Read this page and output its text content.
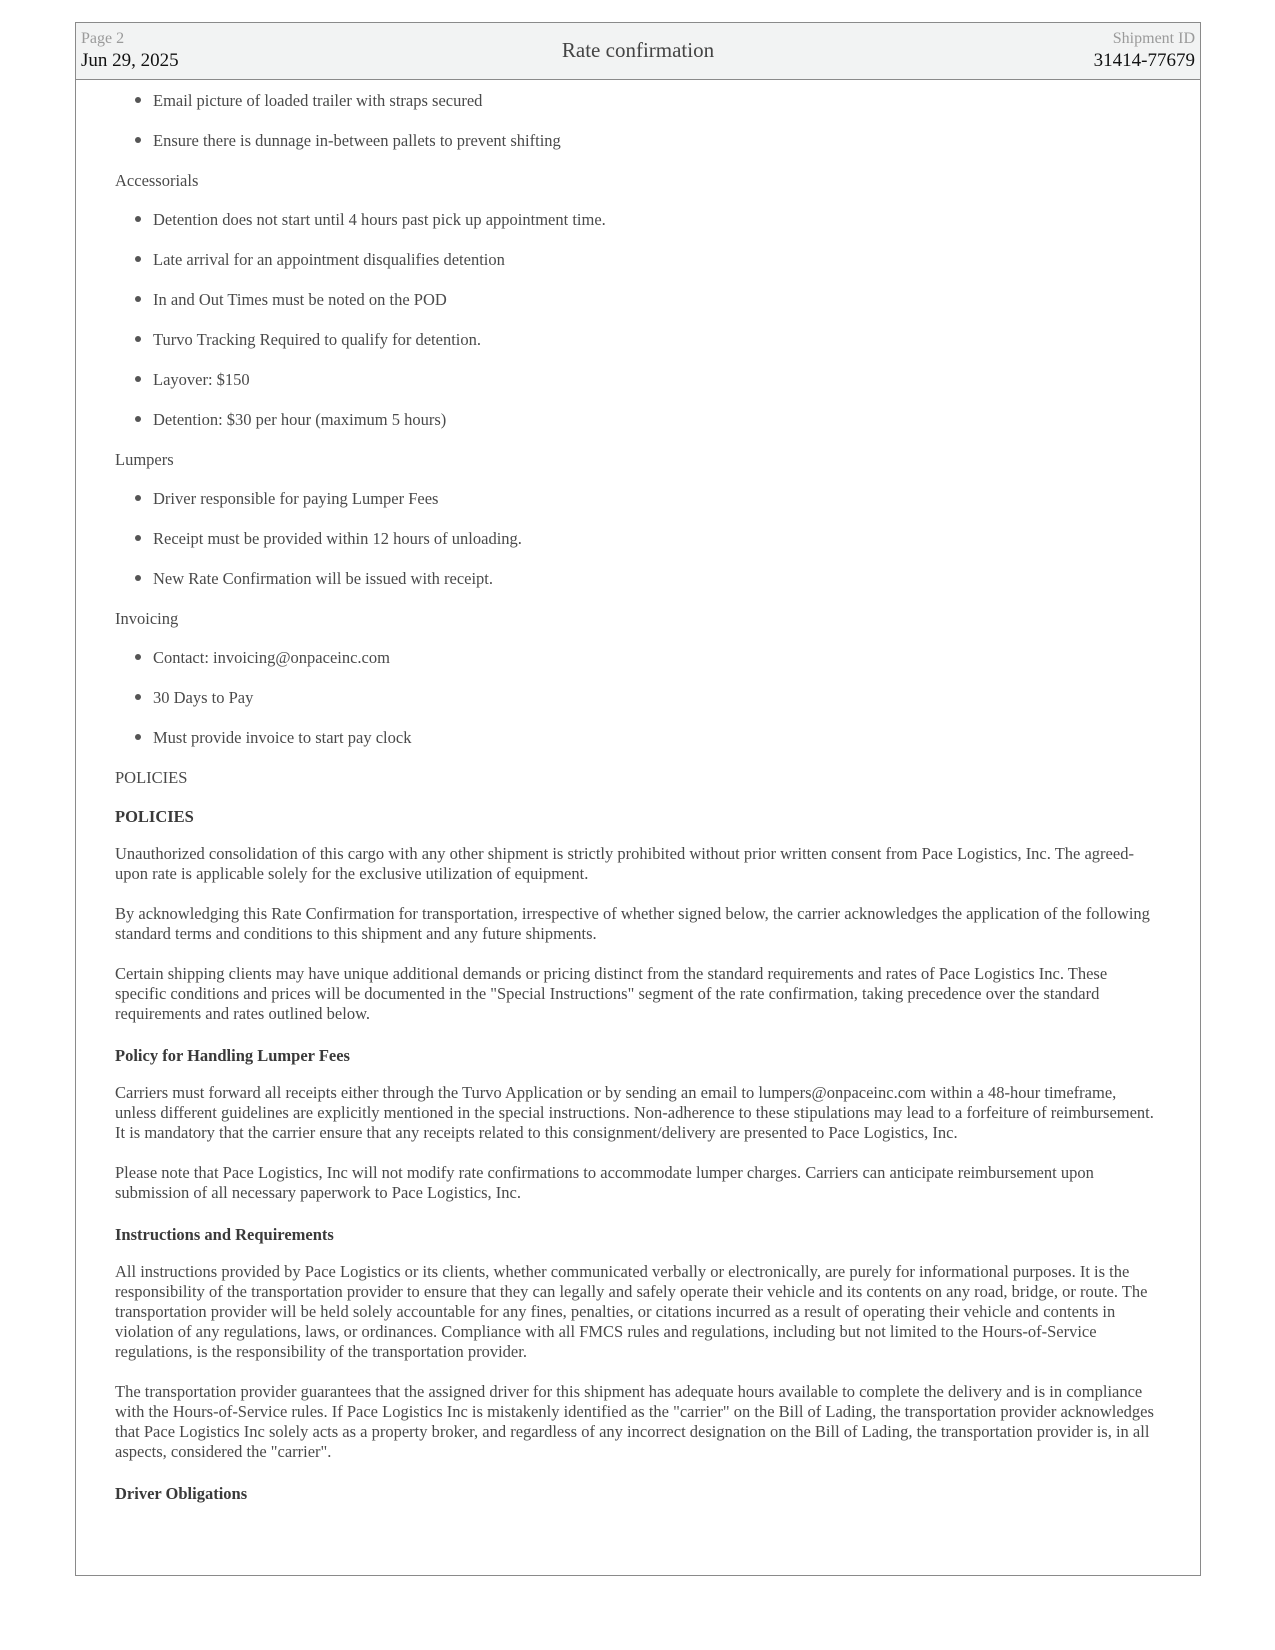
Page 2
Jun 29, 2025	Rate confirmation	Shipment ID
31414-77679
Email picture of loaded trailer with straps secured
Ensure there is dunnage in-between pallets to prevent shifting
Accessorials
Detention does not start until 4 hours past pick up appointment time.
Late arrival for an appointment disqualifies detention
In and Out Times must be noted on the POD
Turvo Tracking Required to qualify for detention.
Layover: $150
Detention: $30 per hour (maximum 5 hours)
Lumpers
Driver responsible for paying Lumper Fees
Receipt must be provided within 12 hours of unloading.
New Rate Confirmation will be issued with receipt.
Invoicing
Contact: invoicing@onpaceinc.com
30 Days to Pay
Must provide invoice to start pay clock
POLICIES
POLICIES

Unauthorized consolidation of this cargo with any other shipment is strictly prohibited without prior written consent from Pace Logistics, Inc. The agreed-upon rate is applicable solely for the exclusive utilization of equipment.

By acknowledging this Rate Confirmation for transportation, irrespective of whether signed below, the carrier acknowledges the application of the following standard terms and conditions to this shipment and any future shipments.

Certain shipping clients may have unique additional demands or pricing distinct from the standard requirements and rates of Pace Logistics Inc. These specific conditions and prices will be documented in the "Special Instructions" segment of the rate confirmation, taking precedence over the standard requirements and rates outlined below.

Policy for Handling Lumper Fees

Carriers must forward all receipts either through the Turvo Application or by sending an email to lumpers@onpaceinc.com within a 48-hour timeframe, unless different guidelines are explicitly mentioned in the special instructions. Non-adherence to these stipulations may lead to a forfeiture of reimbursement. It is mandatory that the carrier ensure that any receipts related to this consignment/delivery are presented to Pace Logistics, Inc.

Please note that Pace Logistics, Inc will not modify rate confirmations to accommodate lumper charges. Carriers can anticipate reimbursement upon submission of all necessary paperwork to Pace Logistics, Inc.

Instructions and Requirements

All instructions provided by Pace Logistics or its clients, whether communicated verbally or electronically, are purely for informational purposes. It is the responsibility of the transportation provider to ensure that they can legally and safely operate their vehicle and its contents on any road, bridge, or route. The transportation provider will be held solely accountable for any fines, penalties, or citations incurred as a result of operating their vehicle and contents in violation of any regulations, laws, or ordinances. Compliance with all FMCS rules and regulations, including but not limited to the Hours-of-Service regulations, is the responsibility of the transportation provider.

The transportation provider guarantees that the assigned driver for this shipment has adequate hours available to complete the delivery and is in compliance with the Hours-of-Service rules. If Pace Logistics Inc is mistakenly identified as the "carrier" on the Bill of Lading, the transportation provider acknowledges that Pace Logistics Inc solely acts as a property broker, and regardless of any incorrect designation on the Bill of Lading, the transportation provider is, in all aspects, considered the "carrier".

Driver Obligations
